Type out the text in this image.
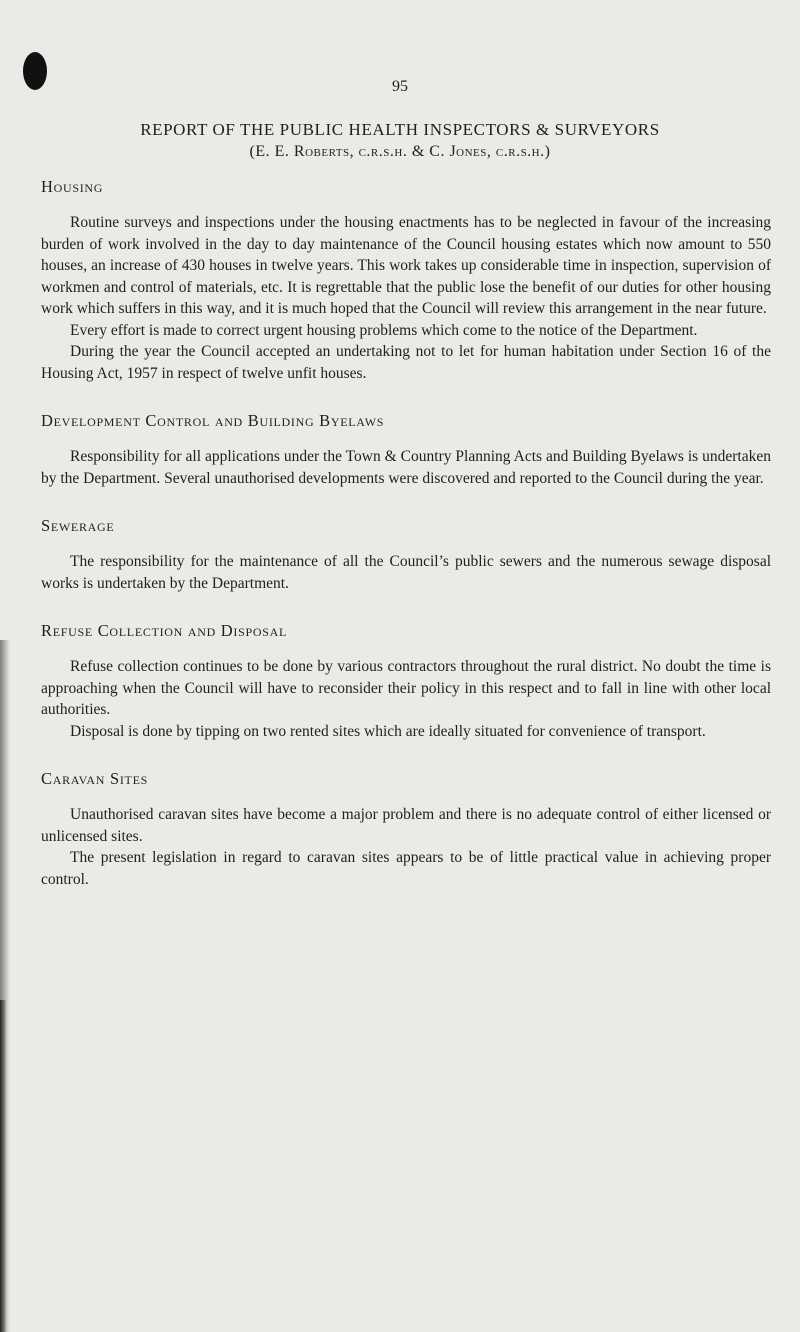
95
REPORT OF THE PUBLIC HEALTH INSPECTORS & SURVEYORS
(E. E. Roberts, c.r.s.h. & C. Jones, c.r.s.h.)
Housing

Routine surveys and inspections under the housing enactments has to be neglected in favour of the increasing burden of work involved in the day to day maintenance of the Council housing estates which now amount to 550 houses, an increase of 430 houses in twelve years. This work takes up considerable time in inspection, supervision of workmen and control of materials, etc. It is regrettable that the public lose the benefit of our duties for other housing work which suffers in this way, and it is much hoped that the Council will review this arrangement in the near future.

Every effort is made to correct urgent housing problems which come to the notice of the Department.

During the year the Council accepted an undertaking not to let for human habitation under Section 16 of the Housing Act, 1957 in respect of twelve unfit houses.

Development Control and Building Byelaws

Responsibility for all applications under the Town & Country Planning Acts and Building Byelaws is undertaken by the Department. Several unauthorised developments were discovered and reported to the Council during the year.

Sewerage

The responsibility for the maintenance of all the Council’s public sewers and the numerous sewage disposal works is undertaken by the Department.

Refuse Collection and Disposal

Refuse collection continues to be done by various contractors throughout the rural district. No doubt the time is approaching when the Council will have to reconsider their policy in this respect and to fall in line with other local authorities.

Disposal is done by tipping on two rented sites which are ideally situated for convenience of transport.

Caravan Sites

Unauthorised caravan sites have become a major problem and there is no adequate control of either licensed or unlicensed sites.

The present legislation in regard to caravan sites appears to be of little practical value in achieving proper control.
